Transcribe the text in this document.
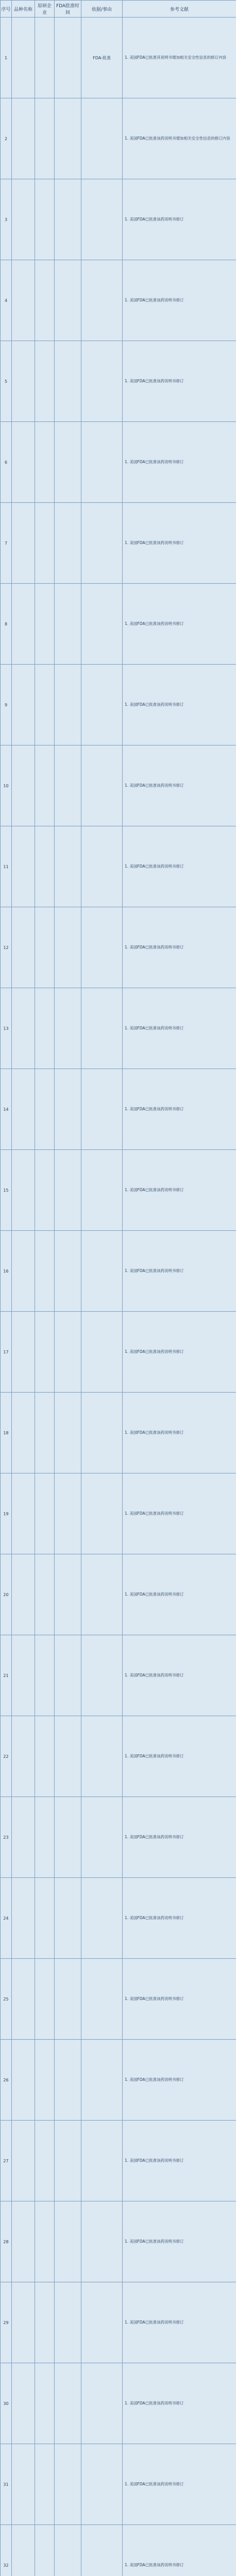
序号	品种名称	原研企业	FDA批准时间	依据/事由	参考文献
1				FDA-批准	1. 美国FDA已批准其说明书增加相关安全性信息的修订内容
2					1. 美国FDA已批准该药说明书增加相关安全性信息的修订内容
3					1. 美国FDA已批准该药说明书修订
4					1. 美国FDA已批准该药说明书修订
5					1. 美国FDA已批准该药说明书修订
6					1. 美国FDA已批准该药说明书修订
7					1. 美国FDA已批准该药说明书修订
8					1. 美国FDA已批准该药说明书修订
9					1. 美国FDA已批准该药说明书修订
10					1. 美国FDA已批准该药说明书修订
11					1. 美国FDA已批准该药说明书修订
12					1. 美国FDA已批准该药说明书修订
13					1. 美国FDA已批准该药说明书修订
14					1. 美国FDA已批准该药说明书修订
15					1. 美国FDA已批准该药说明书修订
16					1. 美国FDA已批准该药说明书修订
17					1. 美国FDA已批准该药说明书修订
18					1. 美国FDA已批准该药说明书修订
19					1. 美国FDA已批准该药说明书修订
20					1. 美国FDA已批准该药说明书修订
21					1. 美国FDA已批准该药说明书修订
22					1. 美国FDA已批准该药说明书修订
23					1. 美国FDA已批准该药说明书修订
24					1. 美国FDA已批准该药说明书修订
25					1. 美国FDA已批准该药说明书修订
26					1. 美国FDA已批准该药说明书修订
27					1. 美国FDA已批准该药说明书修订
28					1. 美国FDA已批准该药说明书修订
29					1. 美国FDA已批准该药说明书修订
30					1. 美国FDA已批准该药说明书修订
31					1. 美国FDA已批准该药说明书修订
32					1. 美国FDA已批准该药说明书修订
